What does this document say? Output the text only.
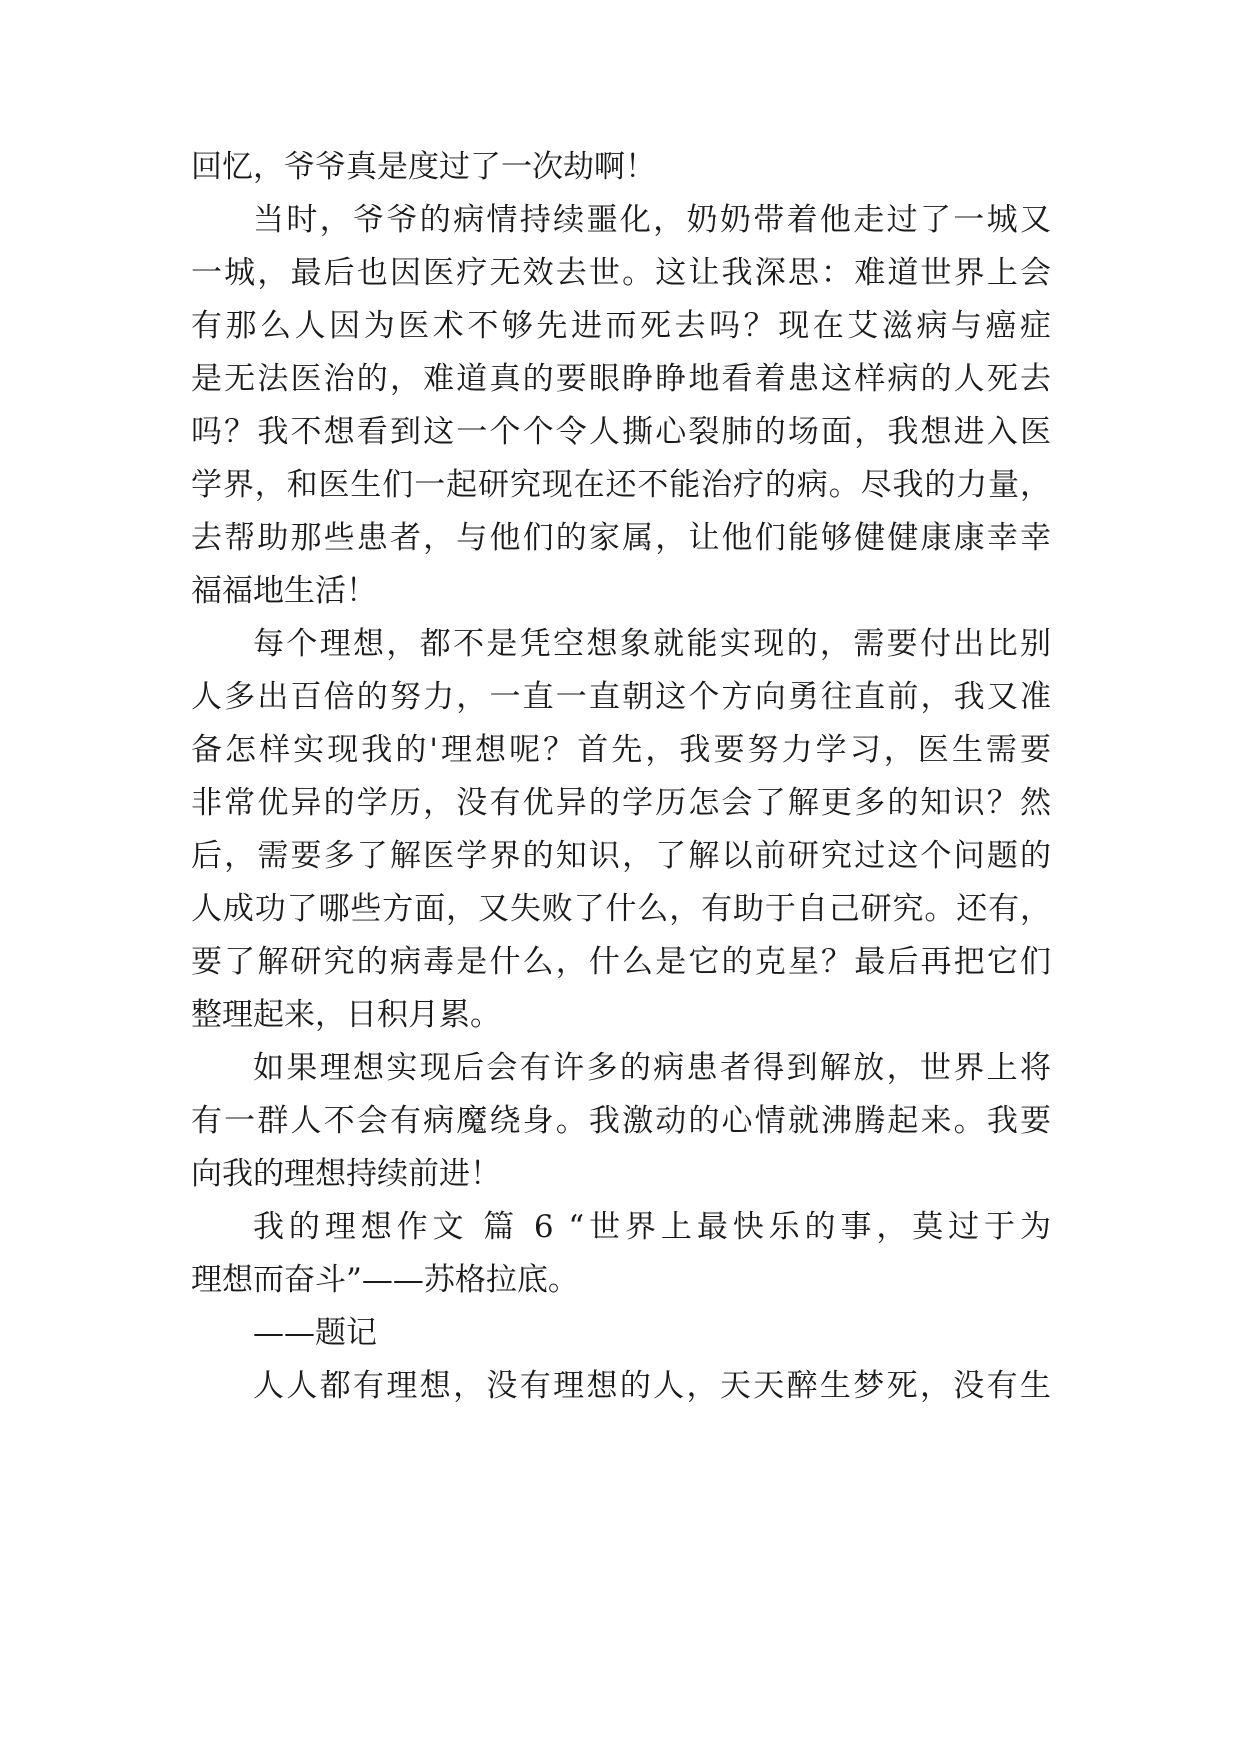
回忆，爷爷真是度过了一次劫啊！
当时，爷爷的病情持续噩化，奶奶带着他走过了一城又
一城，最后也因医疗无效去世。这让我深思：难道世界上会
有那么人因为医术不够先进而死去吗？现在艾滋病与癌症
是无法医治的，难道真的要眼睁睁地看着患这样病的人死去
吗？我不想看到这一个个令人撕心裂肺的场面，我想进入医
学界，和医生们一起研究现在还不能治疗的病。尽我的力量，
去帮助那些患者，与他们的家属，让他们能够健健康康幸幸
福福地生活！
每个理想，都不是凭空想象就能实现的，需要付出比别
人多出百倍的努力，一直一直朝这个方向勇往直前，我又准
备怎样实现我的'理想呢？首先，我要努力学习，医生需要
非常优异的学历，没有优异的学历怎会了解更多的知识？然
后，需要多了解医学界的知识，了解以前研究过这个问题的
人成功了哪些方面，又失败了什么，有助于自己研究。还有，
要了解研究的病毒是什么，什么是它的克星？最后再把它们
整理起来，日积月累。
如果理想实现后会有许多的病患者得到解放，世界上将
有一群人不会有病魔绕身。我激动的心情就沸腾起来。我要
向我的理想持续前进！
我的理想作文 篇 6 “世界上最快乐的事，莫过于为
理想而奋斗”——苏格拉底。
——题记
人人都有理想，没有理想的人，天天醉生梦死，没有生
